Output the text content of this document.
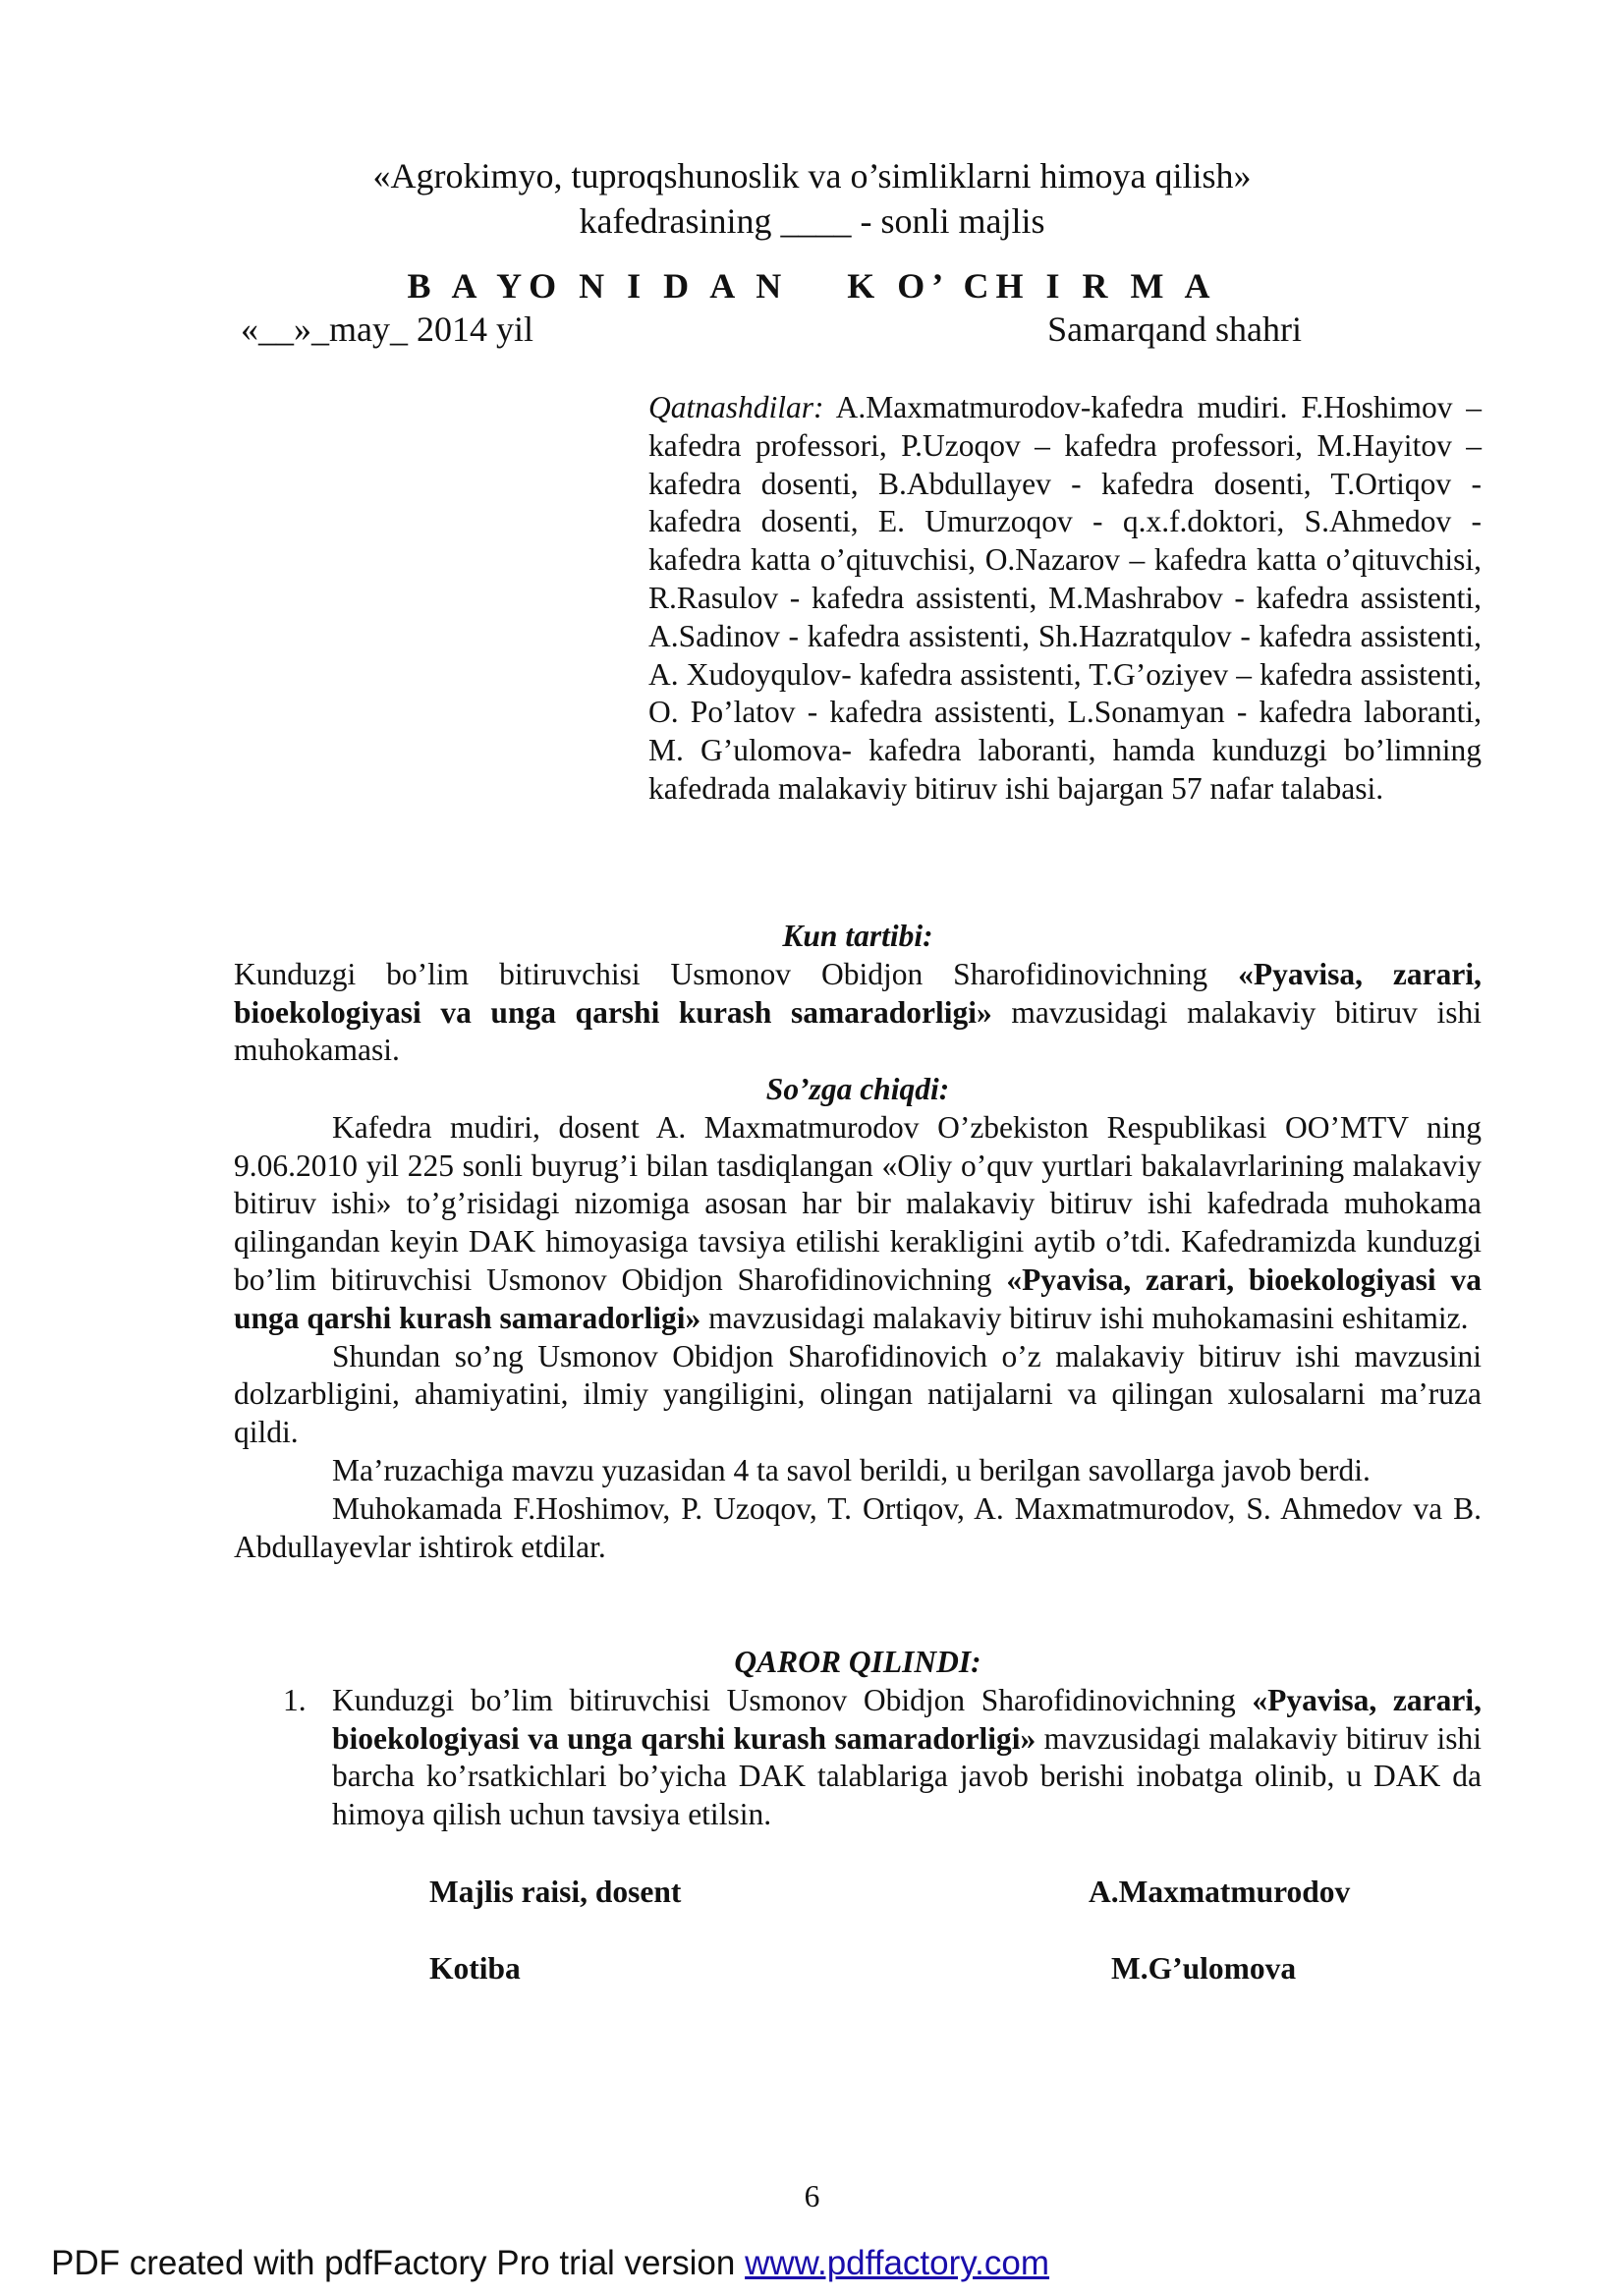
«Agrokimyo, tuproqshunoslik va o’simliklarni himoya qilish»
kafedrasining ____ - sonli majlis
B A YO N I D A N K O’ CH I R M A
«__»_may_ 2014 yil	Samarqand shahri
Qatnashdilar: A.Maxmatmurodov-kafedra mudiri. F.Hoshimov – kafedra professori, P.Uzoqov – kafedra professori, M.Hayitov – kafedra dosenti, B.Abdullayev - kafedra dosenti, T.Ortiqov - kafedra dosenti, E. Umurzoqov - q.x.f.doktori, S.Ahmedov - kafedra katta o’qituvchisi, O.Nazarov – kafedra katta o’qituvchisi, R.Rasulov - kafedra assistenti, M.Mashrabov - kafedra assistenti, A.Sadinov - kafedra assistenti, Sh.Hazratqulov - kafedra assistenti, A. Xudoyqulov- kafedra assistenti, T.G’oziyev – kafedra assistenti, O. Po’latov - kafedra assistenti, L.Sonamyan - kafedra laboranti, M. G’ulomova- kafedra laboranti, hamda kunduzgi bo’limning kafedrada malakaviy bitiruv ishi bajargan 57 nafar talabasi.

Kun tartibi:

Kunduzgi bo’lim bitiruvchisi Usmonov Obidjon Sharofidinovichning «Pyavisa, zarari, bioekologiyasi va unga qarshi kurash samaradorligi» mavzusidagi malakaviy bitiruv ishi muhokamasi.

So’zga chiqdi:

Kafedra mudiri, dosent A. Maxmatmurodov O’zbekiston Respublikasi OO’MTV ning 9.06.2010 yil 225 sonli buyrug’i bilan tasdiqlangan «Oliy o’quv yurtlari bakalavrlarining malakaviy bitiruv ishi» to’g’risidagi nizomiga asosan har bir malakaviy bitiruv ishi kafedrada muhokama qilingandan keyin DAK himoyasiga tavsiya etilishi kerakligini aytib o’tdi. Kafedramizda kunduzgi bo’lim bitiruvchisi Usmonov Obidjon Sharofidinovichning «Pyavisa, zarari, bioekologiyasi va unga qarshi kurash samaradorligi» mavzusidagi malakaviy bitiruv ishi muhokamasini eshitamiz.

Shundan so’ng Usmonov Obidjon Sharofidinovich o’z malakaviy bitiruv ishi mavzusini dolzarbligini, ahamiyatini, ilmiy yangiligini, olingan natijalarni va qilingan xulosalarni ma’ruza qildi.

Ma’ruzachiga mavzu yuzasidan 4 ta savol berildi, u berilgan savollarga javob berdi.

Muhokamada F.Hoshimov, P. Uzoqov, T. Ortiqov, A. Maxmatmurodov, S. Ahmedov va B. Abdullayevlar ishtirok etdilar.

QAROR QILINDI:

1. Kunduzgi bo’lim bitiruvchisi Usmonov Obidjon Sharofidinovichning «Pyavisa, zarari, bioekologiyasi va unga qarshi kurash samaradorligi» mavzusidagi malakaviy bitiruv ishi barcha ko’rsatkichlari bo’yicha DAK talablariga javob berishi inobatga olinib, u DAK da himoya qilish uchun tavsiya etilsin.
Majlis raisi, dosent	A.Maxmatmurodov
Kotiba	M.G’ulomova
6
PDF created with pdfFactory Pro trial version www.pdffactory.com
